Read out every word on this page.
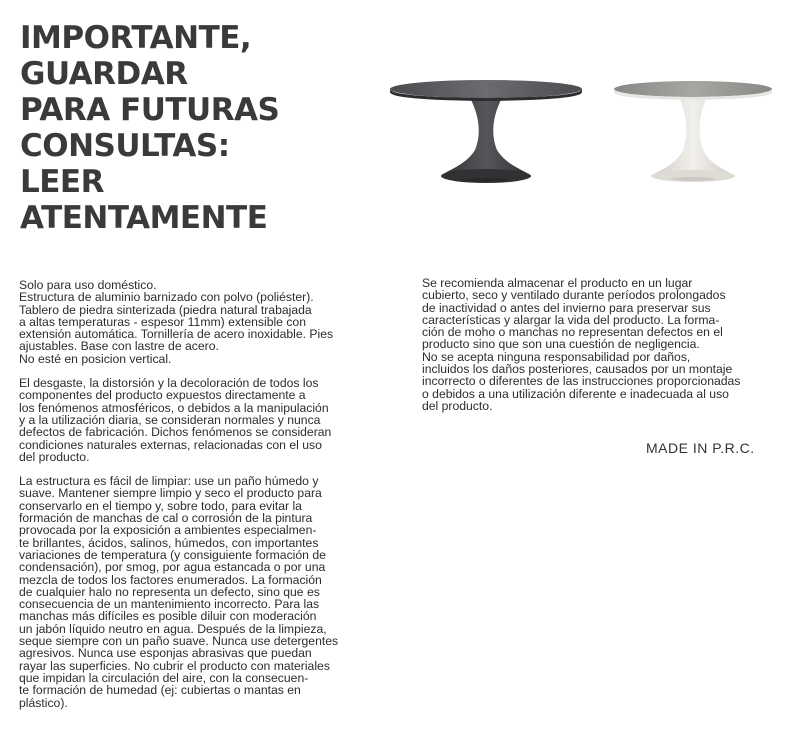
IMPORTANTE,
GUARDAR
PARA FUTURAS
CONSULTAS:
LEER
ATENTAMENTE

Solo para uso doméstico.
Estructura de aluminio barnizado con polvo (poliéster).
Tablero de piedra sinterizada (piedra natural trabajada
a altas temperaturas - espesor 11mm) extensible con
extensión automática. Tornillería de acero inoxidable. Pies
ajustables. Base con lastre de acero.
No esté en posicion vertical.

El desgaste, la distorsión y la decoloración de todos los
componentes del producto expuestos directamente a
los fenómenos atmosféricos, o debidos a la manipulación
y a la utilización diaria, se consideran normales y nunca
defectos de fabricación. Dichos fenómenos se consideran
condiciones naturales externas, relacionadas con el uso
del producto.

La estructura es fácil de limpiar: use un paño húmedo y
suave. Mantener siempre limpio y seco el producto para
conservarlo en el tiempo y, sobre todo, para evitar la
formación de manchas de cal o corrosión de la pintura
provocada por la exposición a ambientes especialmen-
te brillantes, ácidos, salinos, húmedos, con importantes
variaciones de temperatura (y consiguiente formación de
condensación), por smog, por agua estancada o por una
mezcla de todos los factores enumerados. La formación
de cualquier halo no representa un defecto, sino que es
consecuencia de un mantenimiento incorrecto. Para las
manchas más difíciles es posible diluir con moderación
un jabón líquido neutro en agua. Después de la limpieza,
seque siempre con un paño suave. Nunca use detergentes
agresivos. Nunca use esponjas abrasivas que puedan
rayar las superficies. No cubrir el producto con materiales
que impidan la circulación del aire, con la consecuen-
te formación de humedad (ej: cubiertas o mantas en
plástico).

Se recomienda almacenar el producto en un lugar
cubierto, seco y ventilado durante períodos prolongados
de inactividad o antes del invierno para preservar sus
características y alargar la vida del producto. La forma-
ción de moho o manchas no representan defectos en el
producto sino que son una cuestión de negligencia.
No se acepta ninguna responsabilidad por daños,
incluidos los daños posteriores, causados por un montaje
incorrecto o diferentes de las instrucciones proporcionadas
o debidos a una utilización diferente e inadecuada al uso
del producto.

MADE IN P.R.C.
